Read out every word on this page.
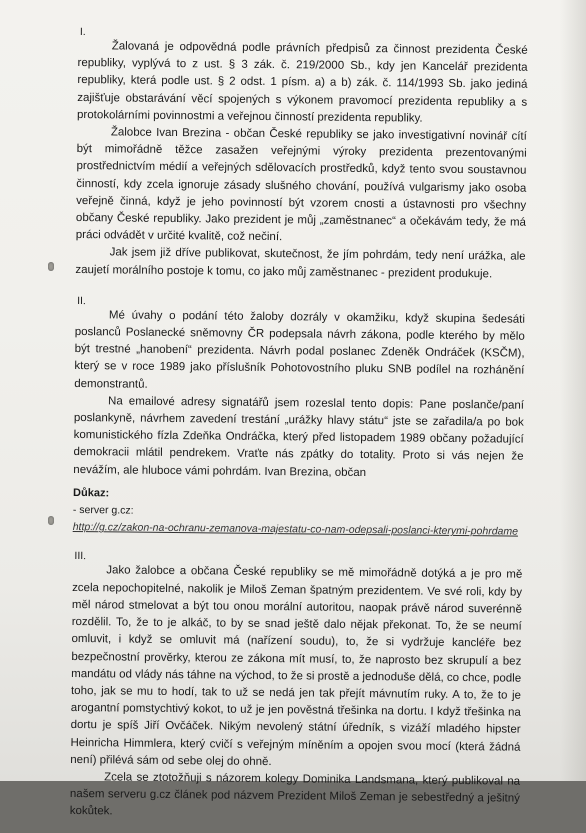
I.

Žalovaná je odpovědná podle právních předpisů za činnost prezidenta České republiky, vyplývá to z ust. § 3 zák. č. 219/2000 Sb., kdy jen Kancelář prezidenta republiky, která podle ust. § 2 odst. 1 písm. a) a b) zák. č. 114/1993 Sb. jako jediná zajišťuje obstarávání věcí spojených s výkonem pravomocí prezidenta republiky a s protokolárními povinnostmi a veřejnou činností prezidenta republiky.

Žalobce Ivan Brezina - občan České republiky se jako investigativní novinář cítí být mimořádně těžce zasažen veřejnými výroky prezidenta prezentovanými prostřednictvím médií a veřejných sdělovacích prostředků, když tento svou soustavnou činností, kdy zcela ignoruje zásady slušného chování, používá vulgarismy jako osoba veřejně činná, když je jeho povinností být vzorem cnosti a ústavnosti pro všechny občany České republiky. Jako prezident je můj „zaměstnanec“ a očekávám tedy, že má práci odvádět v určité kvalitě, což nečiní.

Jak jsem již dříve publikovat, skutečnost, že jím pohrdám, tedy není urážka, ale zaujetí morálního postoje k tomu, co jako můj zaměstnanec - prezident produkuje.

II.

Mé úvahy o podání této žaloby dozrály v okamžiku, když skupina šedesáti poslanců Poslanecké sněmovny ČR podepsala návrh zákona, podle kterého by mělo být trestné „hanobení“ prezidenta. Návrh podal poslanec Zdeněk Ondráček (KSČM), který se v roce 1989 jako příslušník Pohotovostního pluku SNB podílel na rozhánění demonstrantů.

Na emailové adresy signatářů jsem rozeslal tento dopis: Pane poslanče/paní poslankyně, návrhem zavedení trestání „urážky hlavy státu“ jste se zařadila/a po bok komunistického fízla Zdeňka Ondráčka, který před listopadem 1989 občany požadující demokracii mlátil pendrekem. Vraťte nás zpátky do totality. Proto si vás nejen že nevážím, ale hluboce vámi pohrdám. Ivan Brezina, občan

Důkaz:
- server g.cz:
http://g.cz/zakon-na-ochranu-zemanova-majestatu-co-nam-odepsali-poslanci-kterymi-pohrdame
III.

Jako žalobce a občana České republiky se mě mimořádně dotýká a je pro mě zcela nepochopitelné, nakolik je Miloš Zeman špatným prezidentem. Ve své roli, kdy by měl národ stmelovat a být tou onou morální autoritou, naopak právě národ suverénně rozdělil. To, že to je alkáč, to by se snad ještě dalo nějak překonat. To, že se neumí omluvit, i když se omluvit má (nařízení soudu), to, že si vydržuje kancléře bez bezpečnostní prověrky, kterou ze zákona mít musí, to, že naprosto bez skrupulí a bez mandátu od vlády nás táhne na východ, to že si prostě a jednoduše dělá, co chce, podle toho, jak se mu to hodí, tak to už se nedá jen tak přejít mávnutím ruky. A to, že to je arogantní pomstychtivý kokot, to už je jen pověstná třešinka na dortu. I když třešinka na dortu je spíš Jiří Ovčáček. Nikým nevolený státní úředník, s vizáží mladého hipster Heinricha Himmlera, který cvičí s veřejným míněním a opojen svou mocí (která žádná není) přilévá sám od sebe olej do ohně.

Zcela se ztotožňuji s názorem kolegy Dominika Landsmana, který publikoval na našem serveru g.cz článek pod názvem Prezident Miloš Zeman je sebestředný a ješitný kokůtek.
